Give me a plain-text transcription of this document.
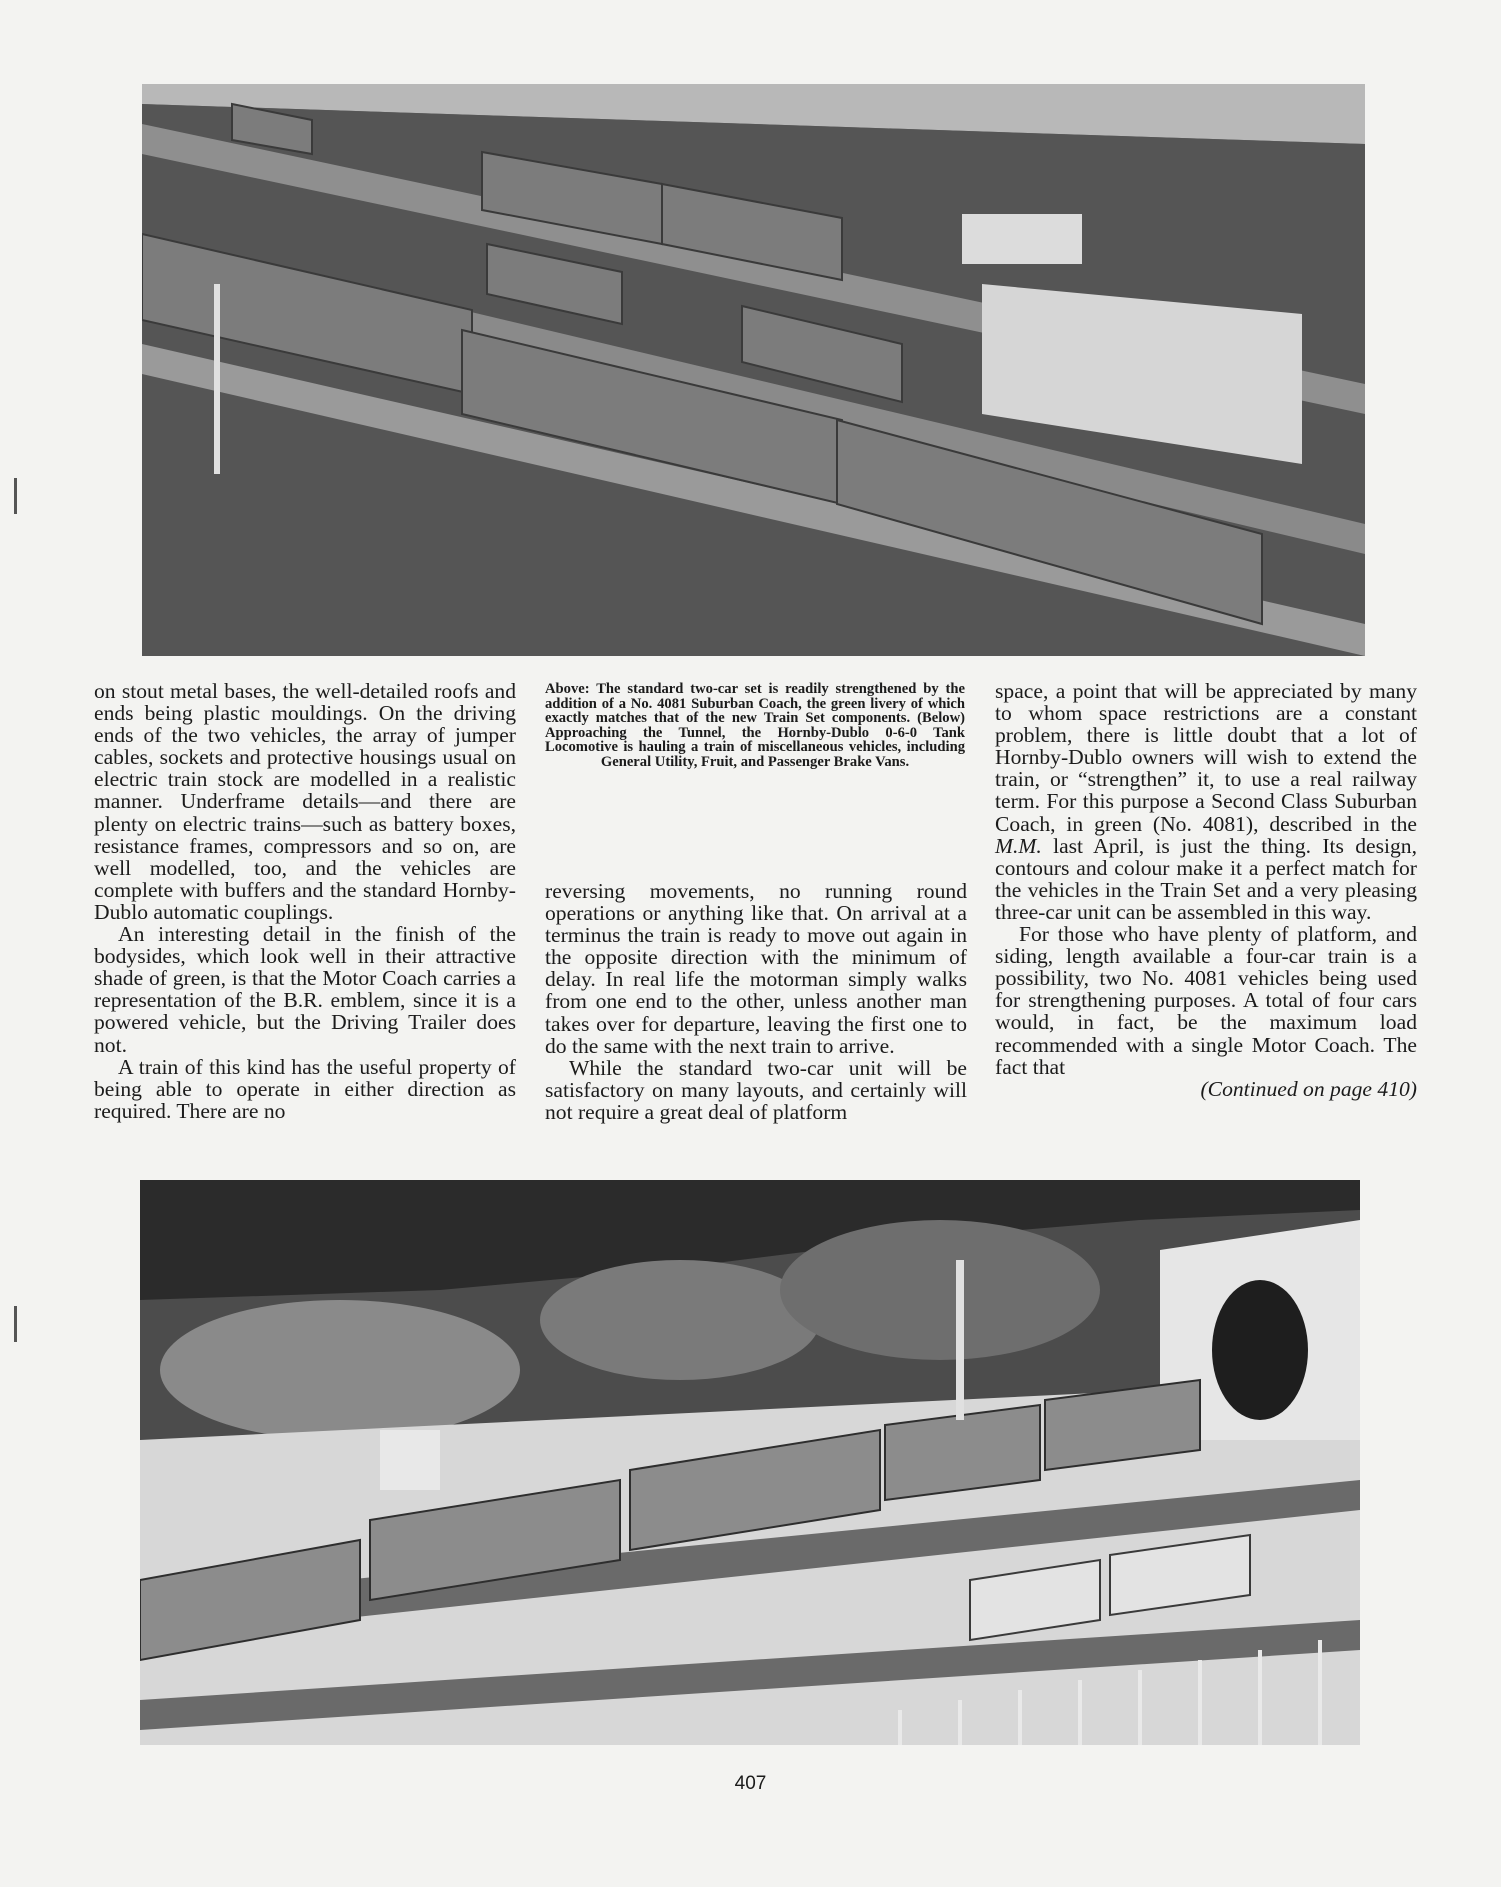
Above: The standard two-car set is readily strengthened by the addition of a No. 4081 Suburban Coach, the green livery of which exactly matches that of the new Train Set components. (Below) Approaching the Tunnel, the Hornby-Dublo 0-6-0 Tank Locomotive is hauling a train of miscellaneous vehicles, including General Utility, Fruit, and Passenger Brake Vans.

on stout metal bases, the well-detailed roofs and ends being plastic mouldings. On the driving ends of the two vehicles, the array of jumper cables, sockets and protective housings usual on electric train stock are modelled in a realistic manner. Underframe details—and there are plenty on electric trains—such as battery boxes, resistance frames, compressors and so on, are well modelled, too, and the vehicles are complete with buffers and the standard Hornby-Dublo automatic couplings.

An interesting detail in the finish of the bodysides, which look well in their attractive shade of green, is that the Motor Coach carries a representation of the B.R. emblem, since it is a powered vehicle, but the Driving Trailer does not.

A train of this kind has the useful property of being able to operate in either direction as required. There are no

reversing movements, no running round operations or anything like that. On arrival at a terminus the train is ready to move out again in the opposite direction with the minimum of delay. In real life the motorman simply walks from one end to the other, unless another man takes over for departure, leaving the first one to do the same with the next train to arrive.

While the standard two-car unit will be satisfactory on many layouts, and certainly will not require a great deal of platform

space, a point that will be appreciated by many to whom space restrictions are a constant problem, there is little doubt that a lot of Hornby-Dublo owners will wish to extend the train, or “strengthen” it, to use a real railway term. For this purpose a Second Class Suburban Coach, in green (No. 4081), described in the M.M. last April, is just the thing. Its design, contours and colour make it a perfect match for the vehicles in the Train Set and a very pleasing three-car unit can be assembled in this way.

For those who have plenty of platform, and siding, length available a four-car train is a possibility, two No. 4081 vehicles being used for strengthening purposes. A total of four cars would, in fact, be the maximum load recommended with a single Motor Coach. The fact that

(Continued on page 410)

407
